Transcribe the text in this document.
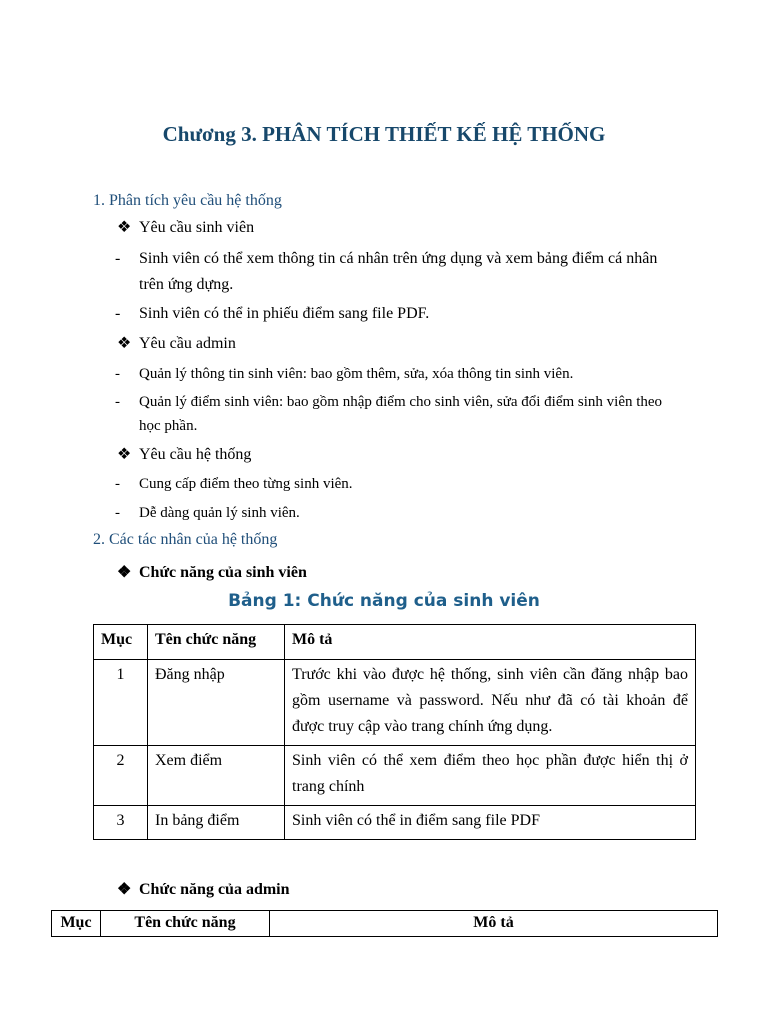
Chương 3. PHÂN TÍCH THIẾT KẾ HỆ THỐNG
1. Phân tích yêu cầu hệ thống
❖ Yêu cầu sinh viên
- Sinh viên có thể xem thông tin cá nhân trên ứng dụng và xem bảng điểm cá nhân trên ứng dựng.
- Sinh viên có thể in phiếu điểm sang file PDF.
❖ Yêu cầu admin
- Quản lý thông tin sinh viên: bao gồm thêm, sửa, xóa thông tin sinh viên.
- Quản lý điểm sinh viên: bao gồm nhập điểm cho sinh viên, sửa đổi điểm sinh viên theo học phần.
❖ Yêu cầu hệ thống
- Cung cấp điểm theo từng sinh viên.
- Dễ dàng quản lý sinh viên.
2. Các tác nhân của hệ thống
❖ Chức năng của sinh viên
Bảng 1: Chức năng của sinh viên
Mục	Tên chức năng	Mô tả
1	Đăng nhập	Trước khi vào được hệ thống, sinh viên cần đăng nhập bao gồm username và password. Nếu như đã có tài khoản để được truy cập vào trang chính ứng dụng.
2	Xem điểm	Sinh viên có thể xem điểm theo học phần được hiển thị ở trang chính
3	In bảng điểm	Sinh viên có thể in điểm sang file PDF
❖ Chức năng của admin
Mục	Tên chức năng	Mô tả
